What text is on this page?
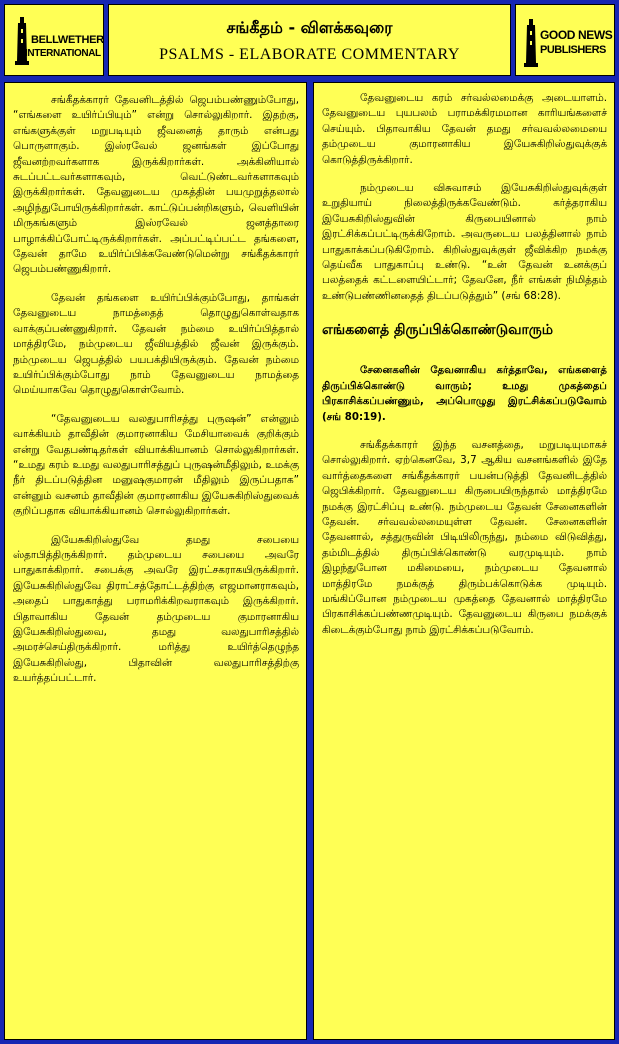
BELLWETHER
INTERNATIONAL
சங்கீதம் - விளக்கவுரை
PSALMS - ELABORATE COMMENTARY
GOOD NEWS
PUBLISHERS

சங்கீதக்காரர் தேவனிடத்தில் ஜெபம்பண்ணும்போது, “எங்களை உயிர்ப்பியும்” என்று சொல்லுகிறார். இதற்கு, எங்களுக்குள் மறுபடியும் ஜீவனைத் தாரும் என்பது பொருளாகும். இஸ்ரவேல் ஜனங்கள் இப்போது ஜீவனற்றவர்களாக இருக்கிறார்கள். அக்கினியால் சுடப்பட்டவர்களாகவும், வெட்டுண்டவர்களாகவும் இருக்கிறார்கள். தேவனுடைய முகத்தின் பயமுறுத்தலால் அழிந்துபோயிருக்கிறார்கள். காட்டுப்பன்றிகளும், வெளியின் மிருகங்களும் இஸ்ரவேல் ஜனத்தாரை பாழாக்கிப்போட்டிருக்கிறார்கள். அப்பட்டிப்பட்ட தங்களை, தேவன் தாமே உயிர்ப்பிக்கவேண்டுமென்று சங்கீதக்காரர் ஜெபம்பண்ணுகிறார்.

தேவன் தங்களை உயிர்ப்பிக்கும்போது, தாங்கள் தேவனுடைய நாமத்தைத் தொழுதுகொள்வதாக வாக்குப்பண்ணுகிறார். தேவன் நம்மை உயிர்ப்பித்தால் மாத்திரமே, நம்முடைய ஜீவியத்தில் ஜீவன் இருக்கும். நம்முடைய ஜெபத்தில் பயபக்தியிருக்கும். தேவன் நம்மை உயிர்ப்பிக்கும்போது நாம் தேவனுடைய நாமத்தை மெய்யாகவே தொழுதுகொள்வோம்.

“தேவனுடைய வலதுபாரிசத்து புருஷன்” என்னும் வாக்கியம் தாவீதின் குமாரனாகிய மேசியாவைக் குறிக்கும் என்று வேதபண்டிதர்கள் வியாக்கியானம் சொல்லுகிறார்கள். “உமது கரம் உமது வலதுபாரிசத்துப் புருஷன்மீதிலும், உமக்கு நீர் திடப்படுத்தின மனுஷகுமாரன் மீதிலும் இருப்பதாக” என்னும் வசனம் தாவீதின் குமாரனாகிய இயேசுகிறிஸ்துவைக் குறிப்பதாக வியாக்கியானம் சொல்லுகிறார்கள்.

இயேசுகிறிஸ்துவே தமது சபையை ஸ்தாபித்திருக்கிறார். தம்முடைய சபையை அவரே பாதுகாக்கிறார். சபைக்கு அவரே இரட்சகராகயிருக்கிறார். இயேசுகிறிஸ்துவே திராட்சத்தோட்டத்திற்கு எஜமானராகவும், அதைப் பாதுகாத்து பராமரிக்கிறவராகவும் இருக்கிறார். பிதாவாகிய தேவன் தம்முடைய குமாரனாகிய இயேசுகிறிஸ்துவை, தமது வலதுபாரிசத்தில் அமரச்செய்திருக்கிறார். மரித்து உயிர்த்தெழுந்த இயேசுகிறிஸ்து, பிதாவின் வலதுபாரிசத்திற்கு உயர்த்தப்பட்டார்.

தேவனுடைய கரம் சர்வல்லமைக்கு அடையாளம். தேவனுடைய புயபலம் பராமக்கிரமமான காரியங்களைச் செய்யும். பிதாவாகிய தேவன் தமது சர்வவல்லமையை தம்முடைய குமாரனாகிய இயேசுகிறிஸ்துவுக்குக் கொடுத்திருக்கிறார்.

நம்முடைய விசுவாசம் இயேசுகிறிஸ்துவுக்குள் உறுதியாய் நிலைத்திருக்கவேண்டும். கர்த்தராகிய இயேசுகிறிஸ்துவின் கிருபையினால் நாம் இரட்சிக்கப்பட்டிருக்கிறோம். அவருடைய பலத்தினால் நாம் பாதுகாக்கப்படுகிறோம். கிறிஸ்துவுக்குள் ஜீவிக்கிற நமக்கு தெய்வீக பாதுகாப்பு உண்டு. “உன் தேவன் உனக்குப் பலத்தைக் கட்டளையிட்டார்; தேவனே, நீர் எங்கள் நிமித்தம் உண்டுபண்ணினதைத் திடப்படுத்தும்” (சங் 68:28).

எங்களைத் திருப்பிக்கொண்டுவாரும்

சேனைகளின் தேவனாகிய கர்த்தாவே, எங்களைத் திருப்பிக்கொண்டு வாரும்; உமது முகத்தைப் பிரகாசிக்கப்பண்ணும், அப்பொழுது இரட்சிக்கப்படுவோம் (சங் 80:19).

சங்கீதக்காரர் இந்த வசனத்தை, மறுபடியுமாகச் சொல்லுகிறார். ஏற்கெனவே, 3,7 ஆகிய வசனங்களில் இதே வார்த்தைகளை சங்கீதக்காரர் பயன்படுத்தி தேவனிடத்தில் ஜெபிக்கிறார். தேவனுடைய கிருபையிருந்தால் மாத்திரமே நமக்கு இரட்சிப்பு உண்டு. நம்முடைய தேவன் சேனைகளின் தேவன். சர்வவல்லமையுள்ள தேவன். சேனைகளின் தேவனால், சத்துருவின் பிடியிலிருந்து, நம்மை விடுவித்து, தம்மிடத்தில் திருப்பிக்கொண்டு வரமுடியும். நாம் இழந்துபோன மகிமையை, நம்முடைய தேவனால் மாத்திரமே நமக்குத் திரும்பக்கொடுக்க முடியும். மங்கிப்போன நம்முடைய முகத்தை தேவனால் மாத்திரமே பிரகாசிக்கப்பண்ணமுடியும். தேவனுடைய கிருபை நமக்குக் கிடைக்கும்போது நாம் இரட்சிக்கப்படுவோம்.
